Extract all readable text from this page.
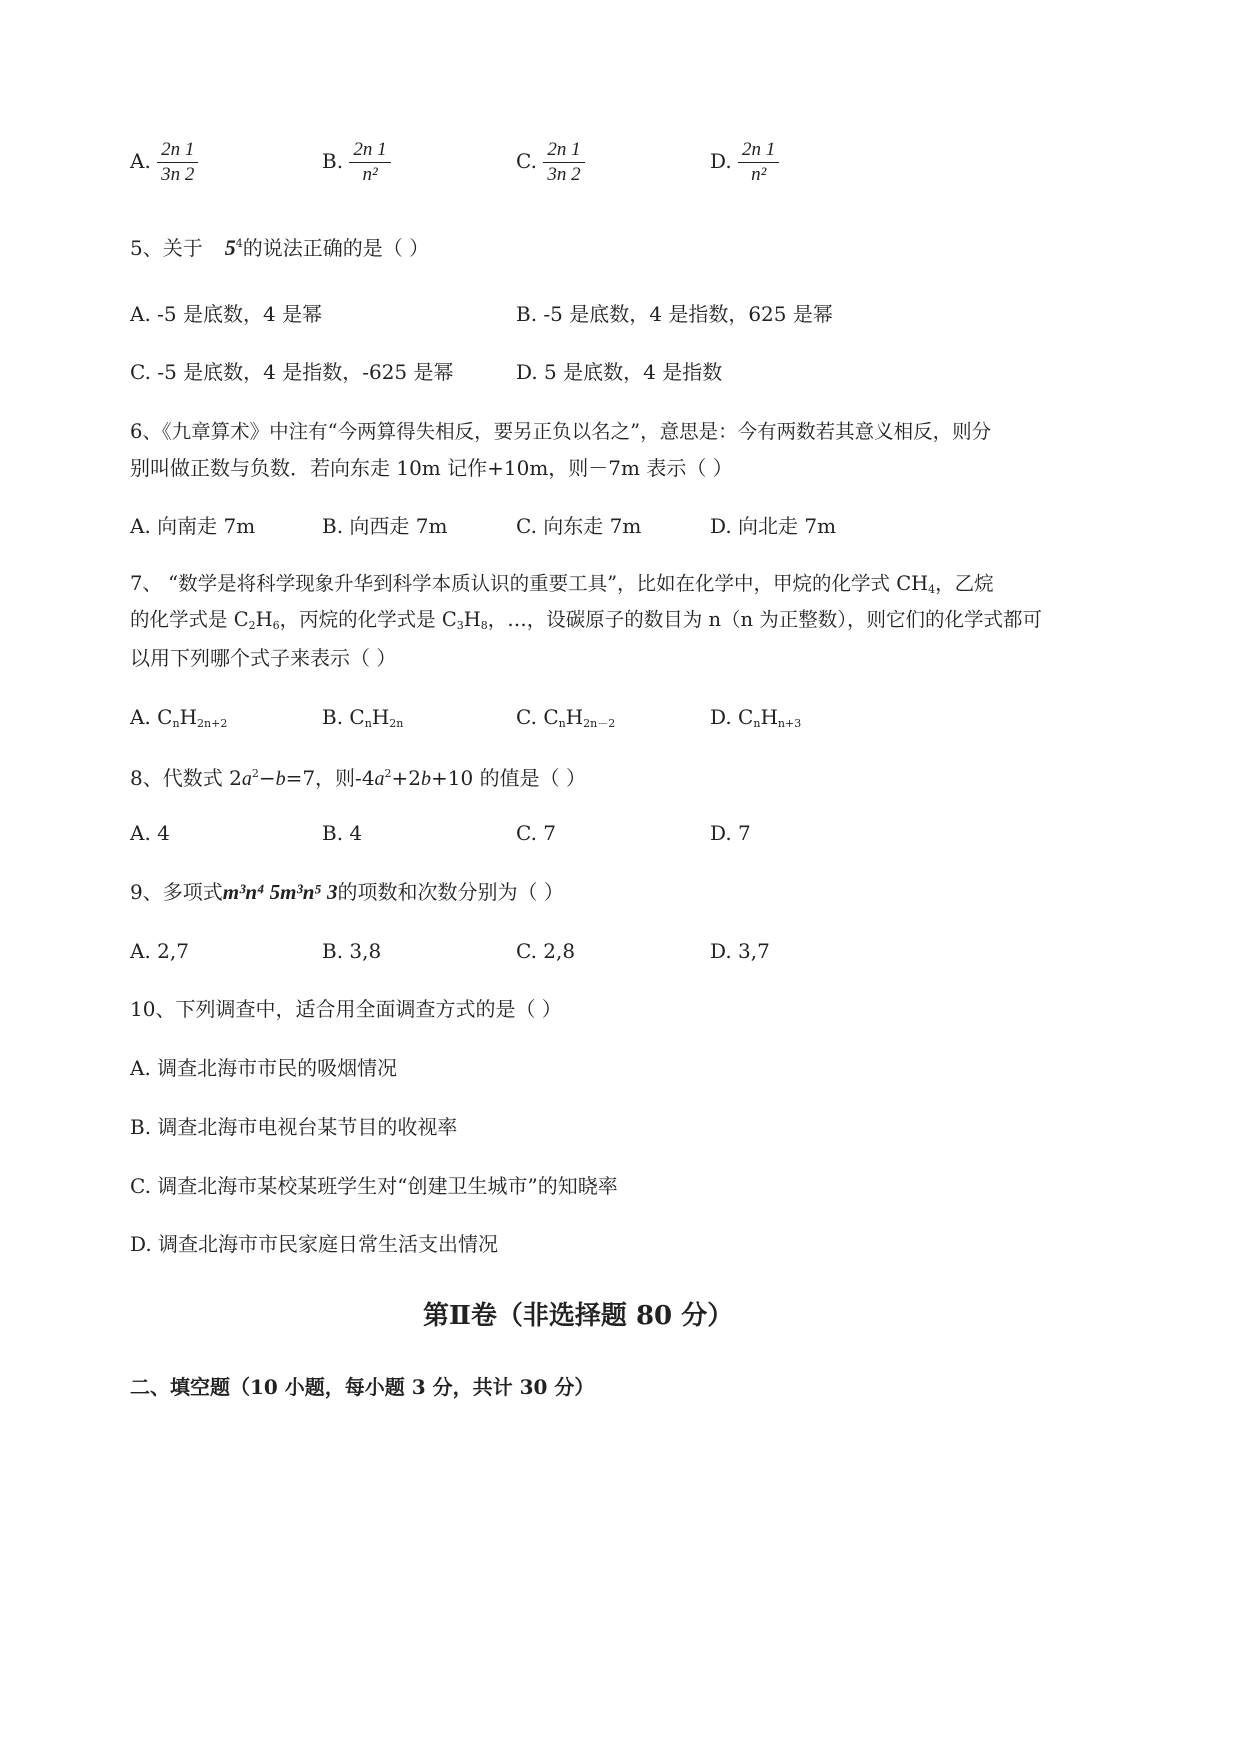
A. $\frac{2n 1}{3n 2}$	B. $\frac{2n 1}{\text{n²}}$	C. $\frac{2n 1}{3n 2}$	D. $\frac{2n 1}{\text{n²}}$
5、关于 $5^4$的说法正确的是（ ）
A. -5 是底数，4 是幂	B. -5 是底数，4 是指数，625 是幂
C. -5 是底数，4 是指数，-625 是幂	D. 5 是底数，4 是指数
6、《九章算术》中注有“今两算得失相反，要另正负以名之”，意思是：今有两数若其意义相反，则分
别叫做正数与负数．若向东走 10m 记作+10m，则－7m 表示（ ）
A. 向南走 7m	B. 向西走 7m	C. 向东走 7m	D. 向北走 7m
7、 “数学是将科学现象升华到科学本质认识的重要工具”，比如在化学中，甲烷的化学式 $CH_4$，乙烷
的化学式是 $C_2H_6$，丙烷的化学式是 $C_3H_8$，…，设碳原子的数目为 n（n 为正整数），则它们的化学式都可
以用下列哪个式子来表示（ ）
A. $C_nH_{2n+2}$	B. $C_nH_{2n}$	C. $C_nH_{2n-2}$	D. $C_nH_{n+3}$
8、代数式 $2a^2-b=7$，则$-4a^2+2b+10$ 的值是（ ）
A. 4	B. 4	C. 7	D. 7
9、多项式m³n⁴ 5m³n⁵ 3的项数和次数分别为（ ）
A. 2,7	B. 3,8	C. 2,8	D. 3,7
10、下列调查中，适合用全面调查方式的是（ ）
A. 调查北海市市民的吸烟情况
B. 调查北海市电视台某节目的收视率
C. 调查北海市某校某班学生对“创建卫生城市”的知晓率
D. 调查北海市市民家庭日常生活支出情况
第Ⅱ卷（非选择题 80 分）
二、填空题（10 小题，每小题 3 分，共计 30 分）
